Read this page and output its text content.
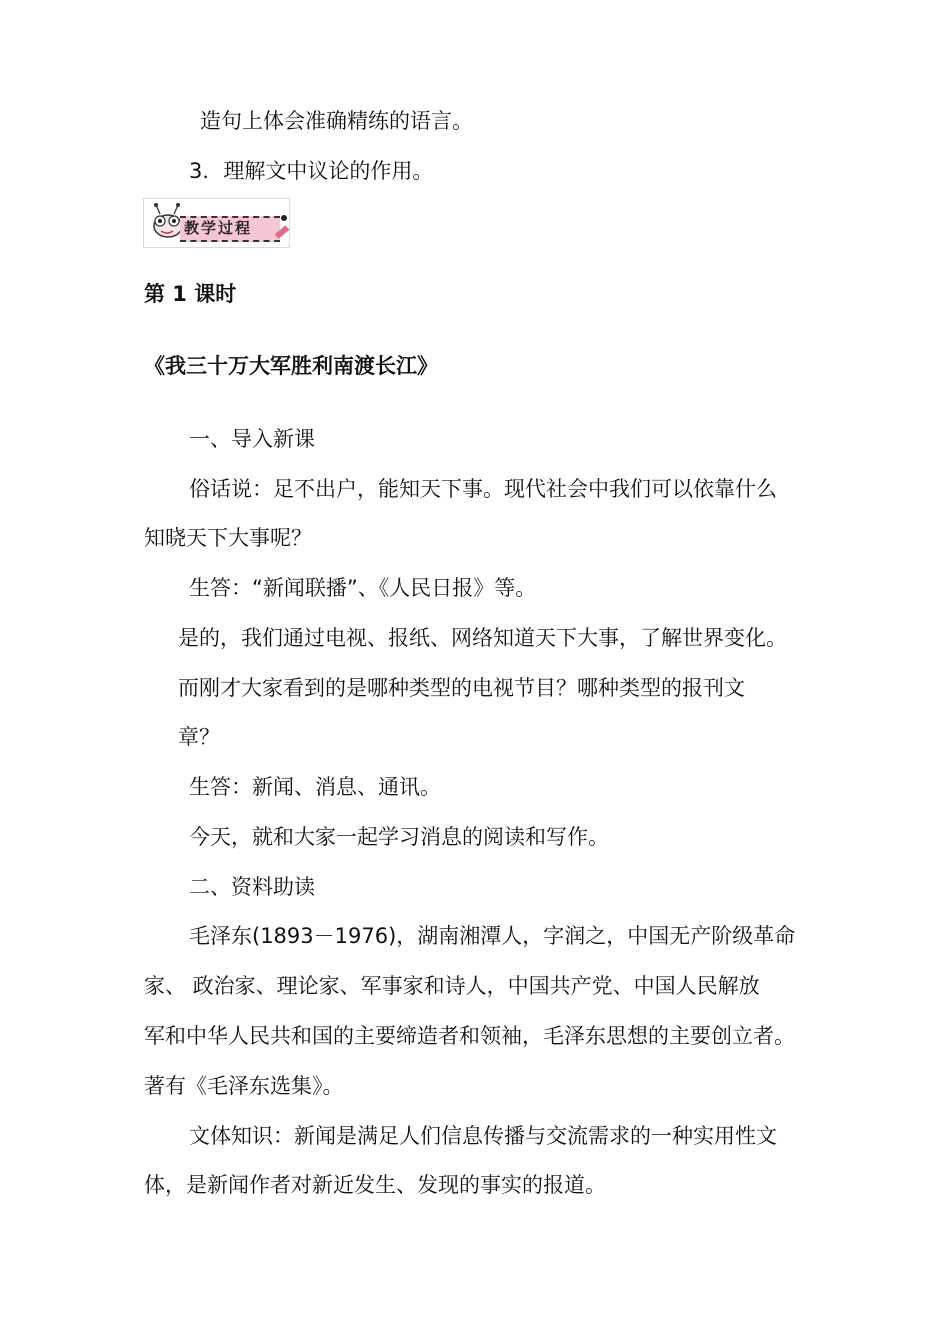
造句上体会准确精练的语言。
3．理解文中议论的作用。
教学过程
第 1 课时
《我三十万大军胜利南渡长江》
一、导入新课
俗话说：足不出户，能知天下事。现代社会中我们可以依靠什么
知晓天下大事呢？
生答：“新闻联播”、《人民日报》等。
是的，我们通过电视、报纸、网络知道天下大事，了解世界变化。
而刚才大家看到的是哪种类型的电视节目？哪种类型的报刊文
章？
生答：新闻、消息、通讯。
今天，就和大家一起学习消息的阅读和写作。
二、资料助读
毛泽东(1893－1976)，湖南湘潭人，字润之，中国无产阶级革命
家、 政治家、理论家、军事家和诗人，中国共产党、中国人民解放
军和中华人民共和国的主要缔造者和领袖，毛泽东思想的主要创立者。
著有《毛泽东选集》。
文体知识：新闻是满足人们信息传播与交流需求的一种实用性文
体，是新闻作者对新近发生、发现的事实的报道。
